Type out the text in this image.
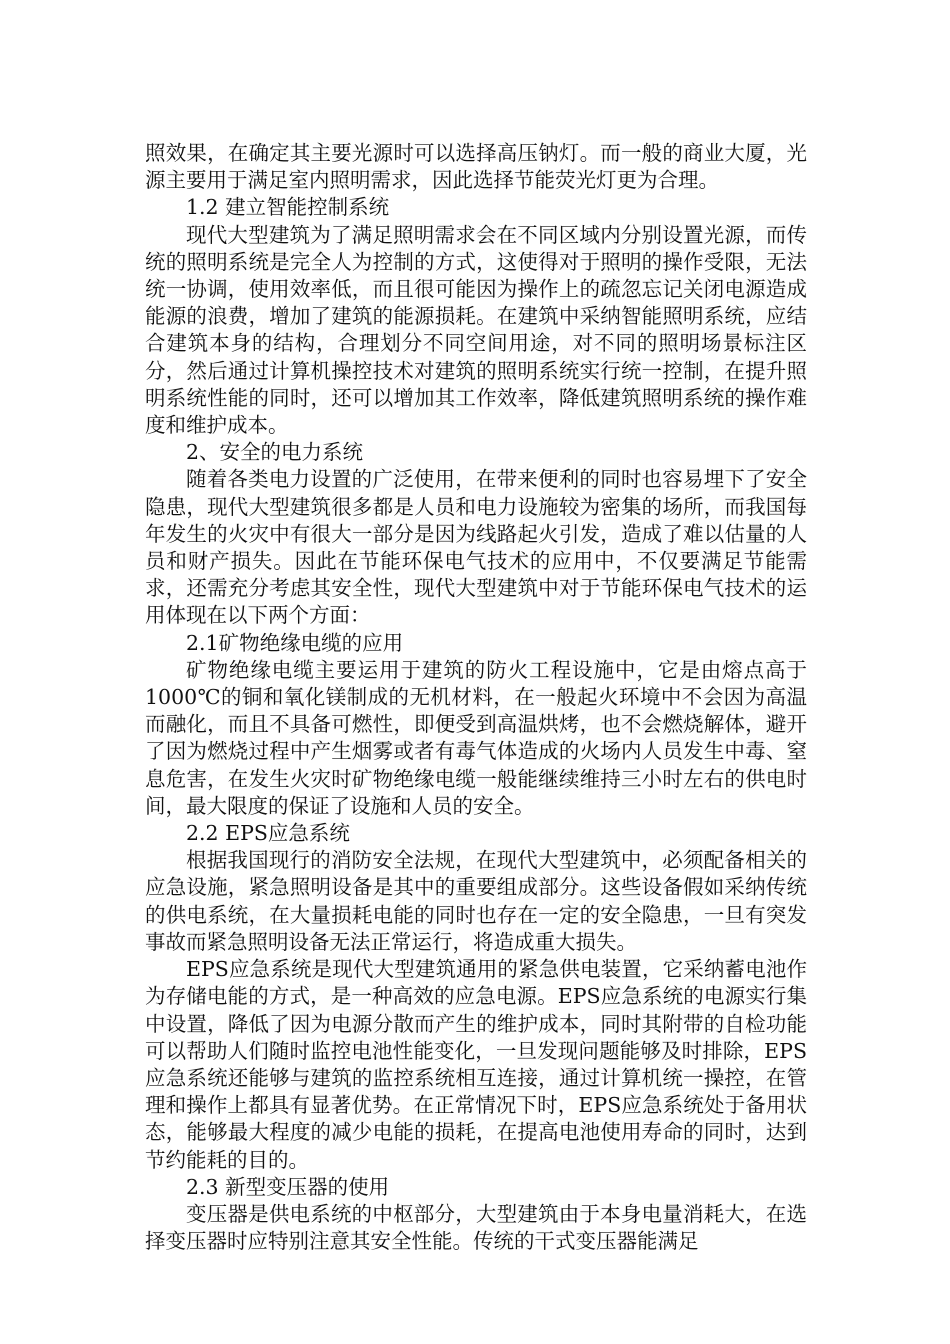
照效果，在确定其主要光源时可以选择高压钠灯。而一般的商业大厦，光源主要用于满足室内照明需求，因此选择节能荧光灯更为合理。

1.2 建立智能控制系统

现代大型建筑为了满足照明需求会在不同区域内分别设置光源，而传统的照明系统是完全人为控制的方式，这使得对于照明的操作受限，无法统一协调，使用效率低，而且很可能因为操作上的疏忽忘记关闭电源造成能源的浪费，增加了建筑的能源损耗。在建筑中采纳智能照明系统，应结合建筑本身的结构，合理划分不同空间用途，对不同的照明场景标注区分，然后通过计算机操控技术对建筑的照明系统实行统一控制，在提升照明系统性能的同时，还可以增加其工作效率，降低建筑照明系统的操作难度和维护成本。

2、安全的电力系统

随着各类电力设置的广泛使用，在带来便利的同时也容易埋下了安全隐患，现代大型建筑很多都是人员和电力设施较为密集的场所，而我国每年发生的火灾中有很大一部分是因为线路起火引发，造成了难以估量的人员和财产损失。因此在节能环保电气技术的应用中，不仅要满足节能需求，还需充分考虑其安全性，现代大型建筑中对于节能环保电气技术的运用体现在以下两个方面：

2.1矿物绝缘电缆的应用

矿物绝缘电缆主要运用于建筑的防火工程设施中，它是由熔点高于1000℃的铜和氧化镁制成的无机材料，在一般起火环境中不会因为高温而融化，而且不具备可燃性，即便受到高温烘烤，也不会燃烧解体，避开了因为燃烧过程中产生烟雾或者有毒气体造成的火场内人员发生中毒、窒息危害，在发生火灾时矿物绝缘电缆一般能继续维持三小时左右的供电时间，最大限度的保证了设施和人员的安全。

2.2 EPS应急系统

根据我国现行的消防安全法规，在现代大型建筑中，必须配备相关的应急设施，紧急照明设备是其中的重要组成部分。这些设备假如采纳传统的供电系统，在大量损耗电能的同时也存在一定的安全隐患，一旦有突发事故而紧急照明设备无法正常运行，将造成重大损失。

EPS应急系统是现代大型建筑通用的紧急供电装置，它采纳蓄电池作为存储电能的方式，是一种高效的应急电源。EPS应急系统的电源实行集中设置，降低了因为电源分散而产生的维护成本，同时其附带的自检功能可以帮助人们随时监控电池性能变化，一旦发现问题能够及时排除，EPS应急系统还能够与建筑的监控系统相互连接，通过计算机统一操控，在管理和操作上都具有显著优势。在正常情况下时，EPS应急系统处于备用状态，能够最大程度的减少电能的损耗，在提高电池使用寿命的同时，达到节约能耗的目的。

2.3 新型变压器的使用

变压器是供电系统的中枢部分，大型建筑由于本身电量消耗大，在选择变压器时应特别注意其安全性能。传统的干式变压器能满足
